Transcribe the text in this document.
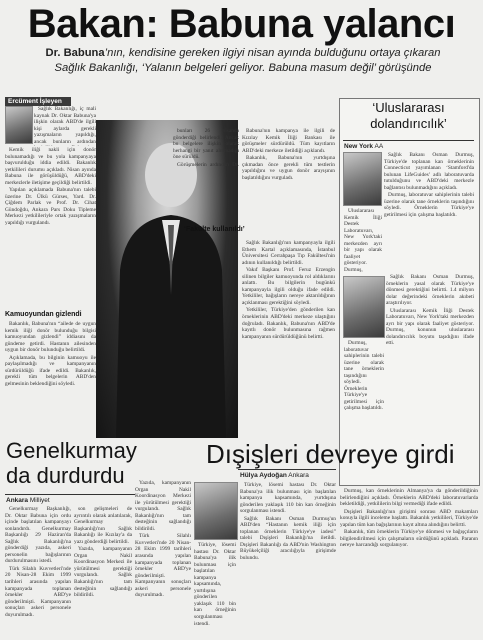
Bakan: Babuna yalancı
Dr. Babuna’nın, kendisine gereken ilgiyi nisan ayında bulduğunu ortaya çıkaran
Sağlık Bakanlığı, ‘Yalanın belgeleri geliyor. Babuna masum değil’ görüşünde
Ercüment İşleyen

Sağlık Bakanlığı, iç mali kaynak Dr. Oktar Babuna'ya ilişkin olarak ABD'de ilgili kişi aylarda gerekli yazışmaların yapıldığı, ancak bunların ardından

Kemik iliği nakli için donör bulunamadığı ve bu yola kampanyaya başvurulduğu iddia edildi. Bakanlık yetkilileri durumu açıkladı. Nisan ayında Babuna ile görüşüldüğü, ABD'deki merkezlerle iletişime geçildiği belirtildi.

Yapılan açıklamada Babuna'nın talebi üzerine Dr. Ülkü Gürses, Yard. Dr. Çiğdem Parlak ve Prof. Dr. Cihat Gündoğdu, Ankara Pars Doku Tipleme Merkezi yetkilileriyle ortak yazışmaların yapıldığı vurgulandı.

Kamuoyundan gizlendi

Bakanlık, Babuna'nın “ailede de uygun kemik iliği donör bulunduğu bilgisi kamuoyundan gizlendi” iddiasını da gündeme getirdi. Hastanın ailesinden uygun bir donör bulunduğu belirtildi.

Açıklamada, bu bilginin kamuoyu ile paylaşılmadığı ve kampanyanın sürdürüldüğü ifade edildi. Bakanlık, gerekli tüm belgelerin ABD'den gelmesinin beklendiğini söyledi.

bunları 26 nisanda gönderdiği belirlendi. Ancak bu belgelere ilişkin olarak herhangi bir yanıt alınmadığı öne sürüldü.

Görüşmelerin ardından Dr.

Babuna'nın kampanya ile ilgili de Kızılay Kemik İliği Bankası ile görüşmeler sürdürüldü. Tüm kayıtların ABD'deki merkeze iletildiği açıklandı.

Bakanlık, Babuna'nın yurtdışına çıkmadan önce gerekli tüm testlerin yapıldığını ve uygun donör arayışının başlatıldığını vurguladı.

‘Fakülte kullanıldı’

Sağlık Bakanlığı'nın kampanyayla ilgili Ethem Kartal açıklamasında, İstanbul Üniversitesi Cerrahpaşa Tıp Fakültesi'nin adının kullanıldığı belirtildi.

Vakıf Başkanı Prof. Feruz Erzengin silinen bilgiler kamuoyunda rol aldıklarını anlattı. Bu bilgilerin bugünkü kampanyayla ilgili olduğu ifade edildi. Yetkililer, bağışların nereye aktarıldığının açıklanması gerektiğini söyledi.

Yetkililer, Türkiye'den gönderilen kan örneklerinin ABD'deki merkeze ulaştığını doğruladı. Bakanlık, Babuna'nın ABD'de kayıtlı donör bulunmasına rağmen kampanyanın sürdürüldüğünü belirtti.

‘Uluslararası dolandırıcılık’
New York AA

Sağlık Bakanı Osman Durmuş, Türkiye'de toplanan kan örneklerinin Connecticut yayımlanan ‘Stamford'da bulunan LifeGuides’ adlı laboratuvarda tutulduğunu ve ABD'deki merkezle bağlantısı bulunmadığını açıkladı.

Durmuş, laboratuvar sahiplerinin talebi üzerine olarak tane örneklerin taşındığını söyledi. Örneklerin Türkiye'ye getirilmesi için çalışma başlatıldı.

Uluslararası Kemik İliği Destek Laboratuvarı, New York'taki merkezden ayrı bir yapı olarak faaliyet gösteriyor. Durmuş,

Sağlık Bakanı Osman Durmuş, örneklerin yasal olarak Türkiye'ye dönmesi gerektiğini belirtti. 1.4 milyon dolar değerindeki örneklerin akıbeti araştırılıyor.

Uluslararası Kemik İliği Destek Laboratuvarı, New York'taki merkezden ayrı bir yapı olarak faaliyet gösteriyor. Durmuş, konunun uluslararası dolandırıcılık boyutu taşıdığını ifade etti.

Durmuş, laboratuvar sahiplerinin talebi üzerine olarak tane örneklerin taşındığını söyledi. Örneklerin Türkiye'ye getirilmesi için çalışma başlatıldı.

Genelkurmay da durdurdu
Dışişleri devreye girdi
Ankara Milliyet
Hülya Aydoğan Ankara

Genelkurmay Başkanlığı, Dr. Oktar Babuna için ordu içinde başlatılan kampanyayı sonlandırdı. Genelkurmay Başkanlığı 29 Haziran'da Sağlık Bakanlığı'na gönderdiği yazıda, askeri personelin bağışlarının durdurulmasını istedi.

Türk Silahlı Kuvvetleri'nde 20 Nisan-28 Ekim 1999 tarihleri arasında yapılan kampanyada toplanan örnekler ABD'ye gönderilmişti. Kampanyanın sonuçları askeri personele duyurulmadı.

son gelişmeleri de ayrıntılı olarak anlatılarak, Genelkurmay Başkanlığı'nın Sağlık Bakanlığı ile Kızılay'a da yazı gönderdiği belirtildi.

Yazıda, kampanyanın Organ Nakil Koordinasyon Merkezi ile yürütülmesi gerektiği vurgulandı. Sağlık Bakanlığı'nın tam desteğinin sağlandığı bildirildi.

Yazıda, kampanyanın Organ Nakil Koordinasyon Merkezi ile yürütülmesi gerektiği vurgulandı. Sağlık Bakanlığı'nın tam desteğinin sağlandığı bildirildi.

Türk Silahlı Kuvvetleri'nde 20 Nisan-28 Ekim 1999 tarihleri arasında yapılan kampanyada toplanan örnekler ABD'ye gönderilmişti. Kampanyanın sonuçları askeri personele duyurulmadı.

Türkiye, lösemi hastası Dr. Oktar Babuna'ya ilik bulunması için başlatılan kampanya kapsamında, yurtdışına gönderilen yaklaşık 110 bin kan örneğinin sorgulanması istendi.

Türkiye, lösemi hastası Dr. Oktar Babuna'ya ilik bulunması için başlatılan kampanya kapsamında, yurtdışına gönderilen yaklaşık 110 bin kan örneğinin sorgulanması istendi.

Sağlık Bakanı Osman Durmuş'un ABD'den “Hastanın kemik iliği için toplanan örneklerin Türkiye'ye iadesi” talebi Dışişleri Bakanlığı'na iletildi. Dışişleri Bakanlığı da ABD'nin Washington Büyükelçiliği aracılığıyla girişimde bulundu.

Durmuş, kan örneklerinin Almanya'ya da gönderildiğinin belirlendiğini açıkladı. Örneklerin ABD'deki laboratuvarlarda bekletildiği, yetkililerin bilgi vermediği ifade edildi.

Dışişleri Bakanlığı'nın girişimi sonrası ABD makamları konuyla ilgili inceleme başlattı. Bakanlık yetkilileri, Türkiye'de yapılan tüm kan bağışlarının kayıt altına alındığını belirtti.

Bakanlık, tüm örneklerin Türkiye'ye dönmesi ve bağışçıların bilgilendirilmesi için çalışmaların sürdüğünü açıkladı. Paranın nereye harcandığı sorgulanıyor.
